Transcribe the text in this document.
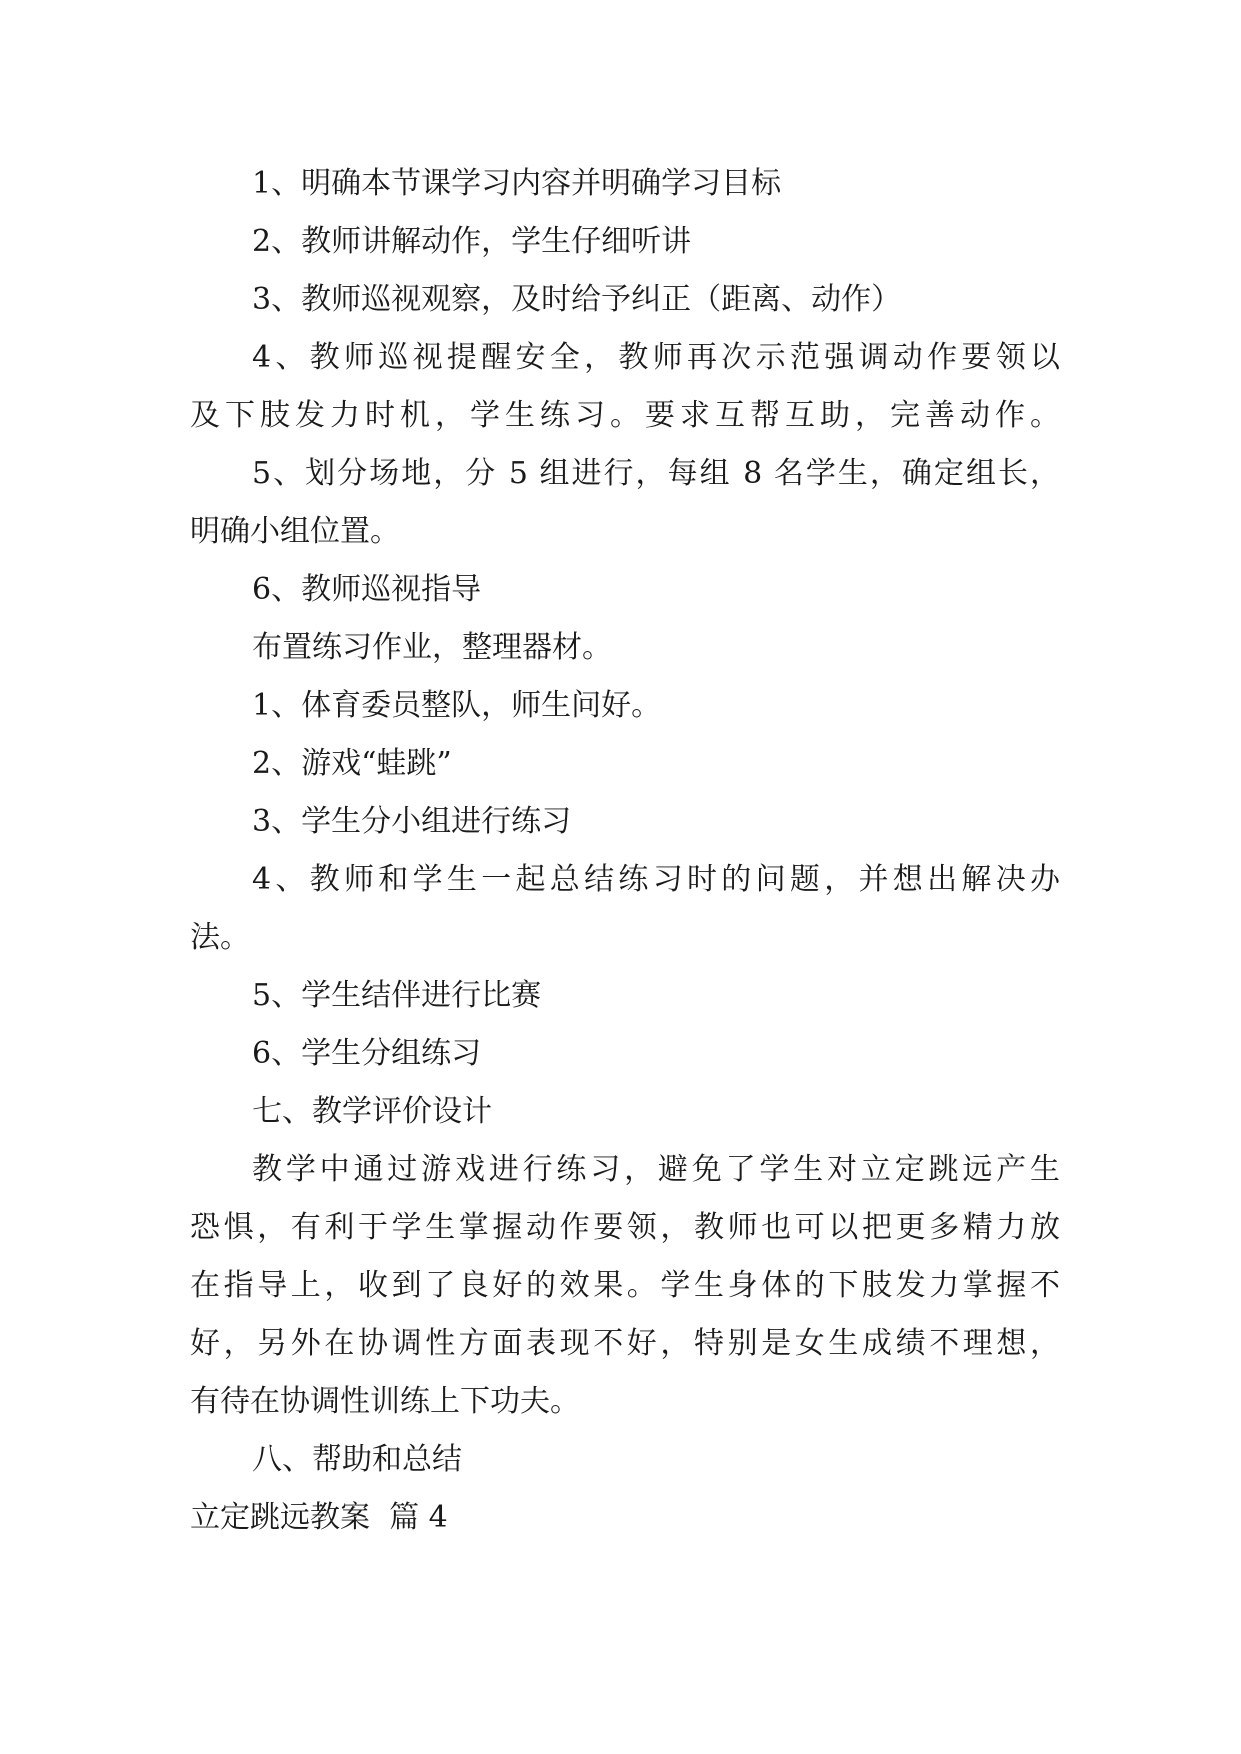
1、明确本节课学习内容并明确学习目标
2、教师讲解动作，学生仔细听讲
3、教师巡视观察，及时给予纠正（距离、动作）
4、教师巡视提醒安全，教师再次示范强调动作要领以
及下肢发力时机，学生练习。要求互帮互助，完善动作。
5、划分场地，分 5 组进行，每组 8 名学生，确定组长，
明确小组位置。
6、教师巡视指导
布置练习作业，整理器材。
1、体育委员整队，师生问好。
2、游戏“蛙跳”
3、学生分小组进行练习
4、教师和学生一起总结练习时的问题，并想出解决办
法。
5、学生结伴进行比赛
6、学生分组练习
七、教学评价设计
教学中通过游戏进行练习，避免了学生对立定跳远产生
恐惧，有利于学生掌握动作要领，教师也可以把更多精力放
在指导上，收到了良好的效果。学生身体的下肢发力掌握不
好，另外在协调性方面表现不好，特别是女生成绩不理想，
有待在协调性训练上下功夫。
八、帮助和总结
立定跳远教案  篇 4
